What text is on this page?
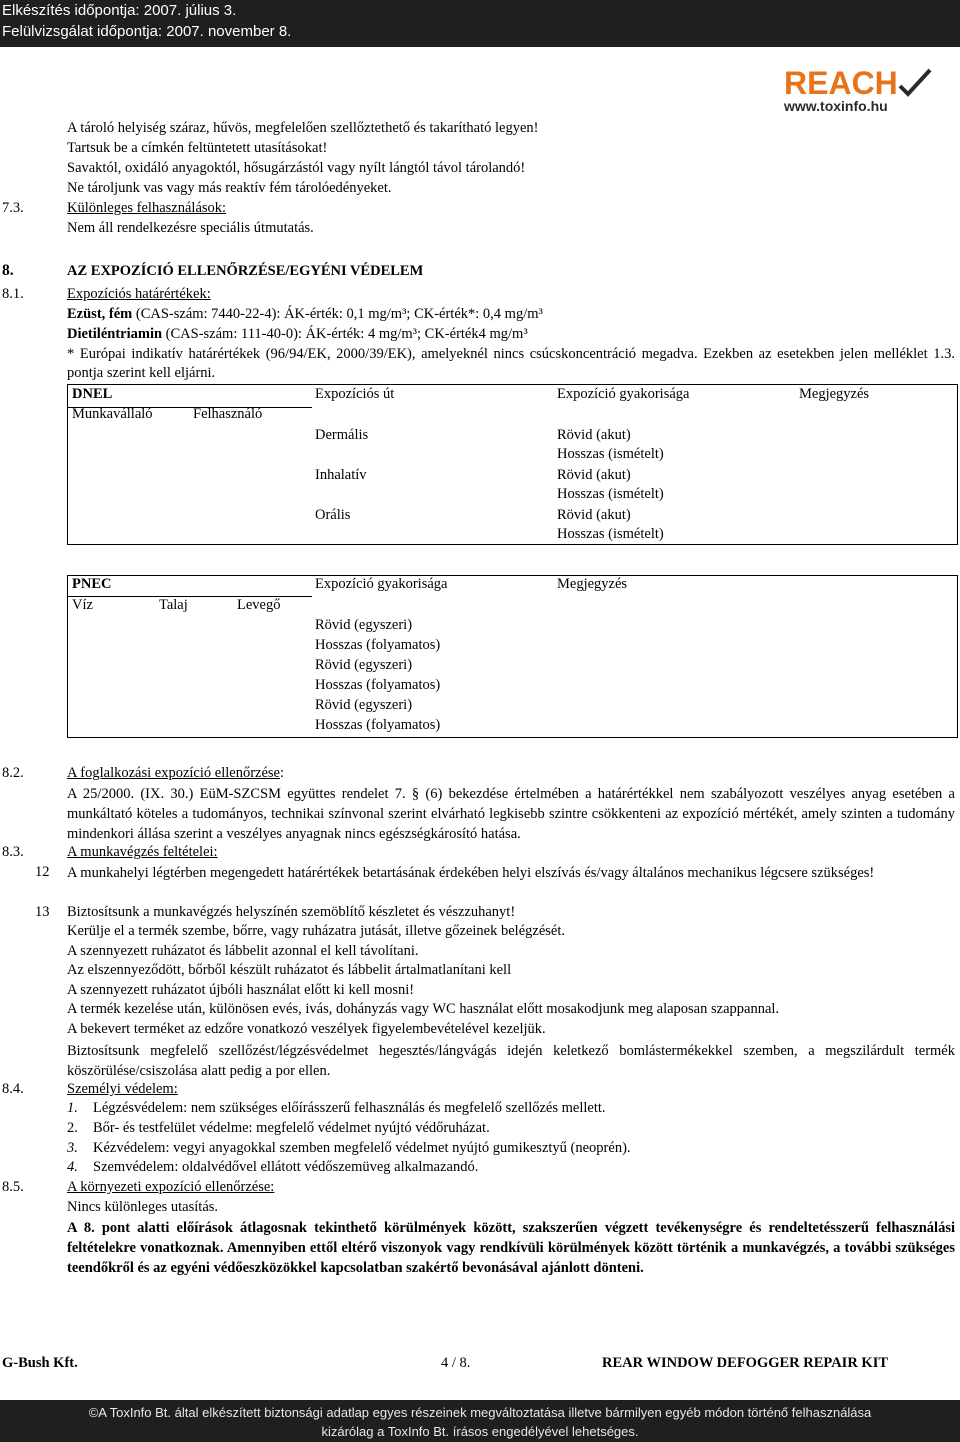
Elkészítés időpontja: 2007. július 3.
Felülvizsgálat időpontja: 2007. november 8.
REACH
www.toxinfo.hu
A tároló helyiség száraz, hűvös, megfelelően szellőztethető és takarítható legyen!
Tartsuk be a címkén feltüntetett utasításokat!
Savaktól, oxidáló anyagoktól, hősugárzástól vagy nyílt lángtól távol tárolandó!
Ne tároljunk vas vagy más reaktív fém tárolóedényeket.
7.3.	Különleges felhasználások:
Nem áll rendelkezésre speciális útmutatás.
8.	AZ EXPOZÍCIÓ ELLENŐRZÉSE/EGYÉNI VÉDELEM
8.1.	Expozíciós határértékek:
Ezüst, fém (CAS-szám: 7440-22-4): ÁK-érték: 0,1 mg/m³; CK-érték*: 0,4 mg/m³
Dietiléntriamin (CAS-szám: 111-40-0): ÁK-érték: 4 mg/m³; CK-érték4 mg/m³
* Európai indikatív határértékek (96/94/EK, 2000/39/EK), amelyeknél nincs csúcskoncentráció megadva. Ezekben az esetekben jelen melléklet 1.3. pontja szerint kell eljárni.
DNEL	Expozíciós út	Expozíció gyakorisága	Megjegyzés
Munkavállaló	Felhasználó
Dermális	Rövid (akut)
Hosszas (ismételt)
Inhalatív	Rövid (akut)
Hosszas (ismételt)
Orális	Rövid (akut)
Hosszas (ismételt)
PNEC	Expozíció gyakorisága	Megjegyzés
Víz	Talaj	Levegő
Rövid (egyszeri)
Hosszas (folyamatos)
Rövid (egyszeri)
Hosszas (folyamatos)
Rövid (egyszeri)
Hosszas (folyamatos)
8.2.	A foglalkozási expozíció ellenőrzése:
A 25/2000. (IX. 30.) EüM-SZCSM együttes rendelet 7. § (6) bekezdése értelmében a határértékkel nem szabályozott veszélyes anyag esetében a munkáltató köteles a tudományos, technikai színvonal szerint elvárható legkisebb szintre csökkenteni az expozíció mértékét, amely szinten a tudomány mindenkori állása szerint a veszélyes anyagnak nincs egészségkárosító hatása.
8.3.	A munkavégzés feltételei:
12 A munkahelyi légtérben megengedett határértékek betartásának érdekében helyi elszívás és/vagy általános mechanikus légcsere szükséges!
13 Biztosítsunk a munkavégzés helyszínén szemöblítő készletet és vészzuhanyt!
Kerülje el a termék szembe, bőrre, vagy ruházatra jutását, illetve gőzeinek belégzését.
A szennyezett ruházatot és lábbelit azonnal el kell távolítani.
Az elszennyeződött, bőrből készült ruházatot és lábbelit ártalmatlanítani kell
A szennyezett ruházatot újbóli használat előtt ki kell mosni!
A termék kezelése után, különösen evés, ivás, dohányzás vagy WC használat előtt mosakodjunk meg alaposan szappannal.
A bekevert terméket az edzőre vonatkozó veszélyek figyelembevételével kezeljük.
Biztosítsunk megfelelő szellőzést/légzésvédelmet hegesztés/lángvágás idején keletkező bomlástermékekkel szemben, a megszilárdult termék köszörülése/csiszolása alatt pedig a por ellen.
8.4.	Személyi védelem:
1. Légzésvédelem: nem szükséges előírásszerű felhasználás és megfelelő szellőzés mellett.
2. Bőr- és testfelület védelme: megfelelő védelmet nyújtó védőruházat.
3. Kézvédelem: vegyi anyagokkal szemben megfelelő védelmet nyújtó gumikesztyű (neoprén).
4. Szemvédelem: oldalvédővel ellátott védőszemüveg alkalmazandó.
8.5.	A környezeti expozíció ellenőrzése:
Nincs különleges utasítás.
A 8. pont alatti előírások átlagosnak tekinthető körülmények között, szakszerűen végzett tevékenységre és rendeltetésszerű felhasználási feltételekre vonatkoznak. Amennyiben ettől eltérő viszonyok vagy rendkívüli körülmények között történik a munkavégzés, a további szükséges teendőkről és az egyéni védőeszközökkel kapcsolatban szakértő bevonásával ajánlott dönteni.
G-Bush Kft.	4 / 8.	REAR WINDOW DEFOGGER REPAIR KIT
©A ToxInfo Bt. által elkészített biztonsági adatlap egyes részeinek megváltoztatása illetve bármilyen egyéb módon történő felhasználása
kizárólag a ToxInfo Bt. írásos engedélyével lehetséges.
